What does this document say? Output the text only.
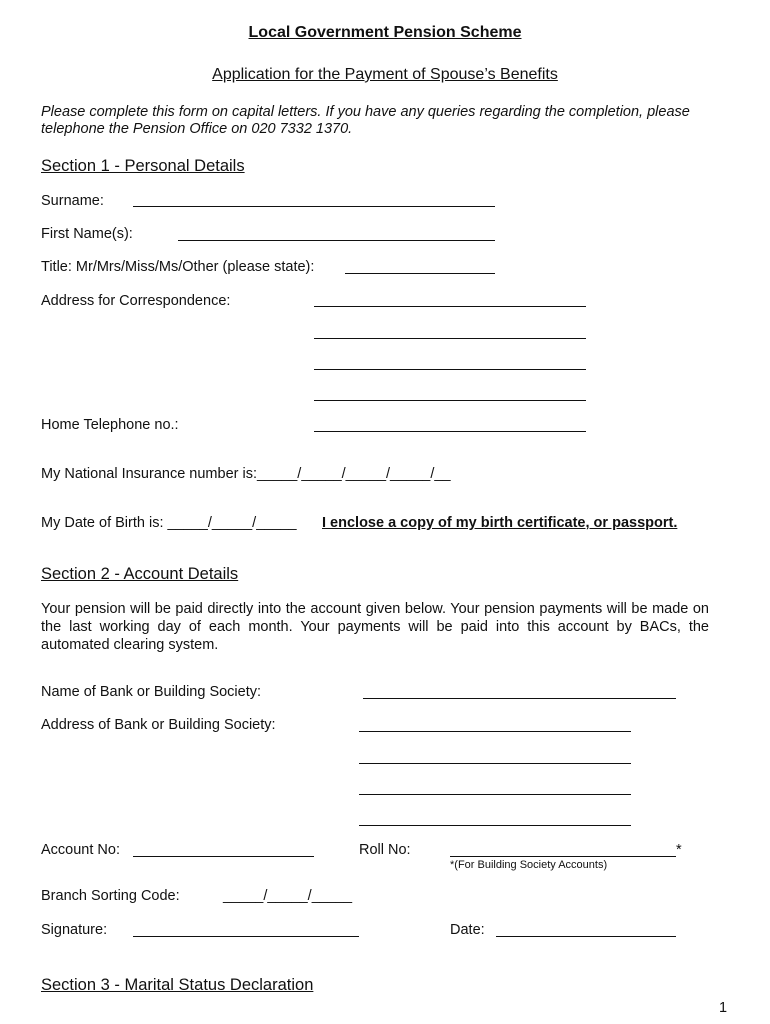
Local Government Pension Scheme
Application for the Payment of Spouse’s Benefits
Please complete this form on capital letters. If you have any queries regarding the completion, please telephone the Pension Office on 020 7332 1370.
Section 1 - Personal Details
Surname:
First Name(s):
Title: Mr/Mrs/Miss/Ms/Other (please state):
Address for Correspondence:
Home Telephone no.:
My National Insurance number is:_____/_____/_____/_____/__
My Date of Birth is: _____/_____/_____ I enclose a copy of my birth certificate, or passport.
Section 2 - Account Details
Your pension will be paid directly into the account given below. Your pension payments will be made on the last working day of each month. Your payments will be paid into this account by BACs, the automated clearing system.
Name of Bank or Building Society:
Address of Bank or Building Society:
Account No:	Roll No:	*
*(For Building Society Accounts)
Branch Sorting Code:	_____/_____/_____
Signature:	Date:
Section 3 - Marital Status Declaration
1
